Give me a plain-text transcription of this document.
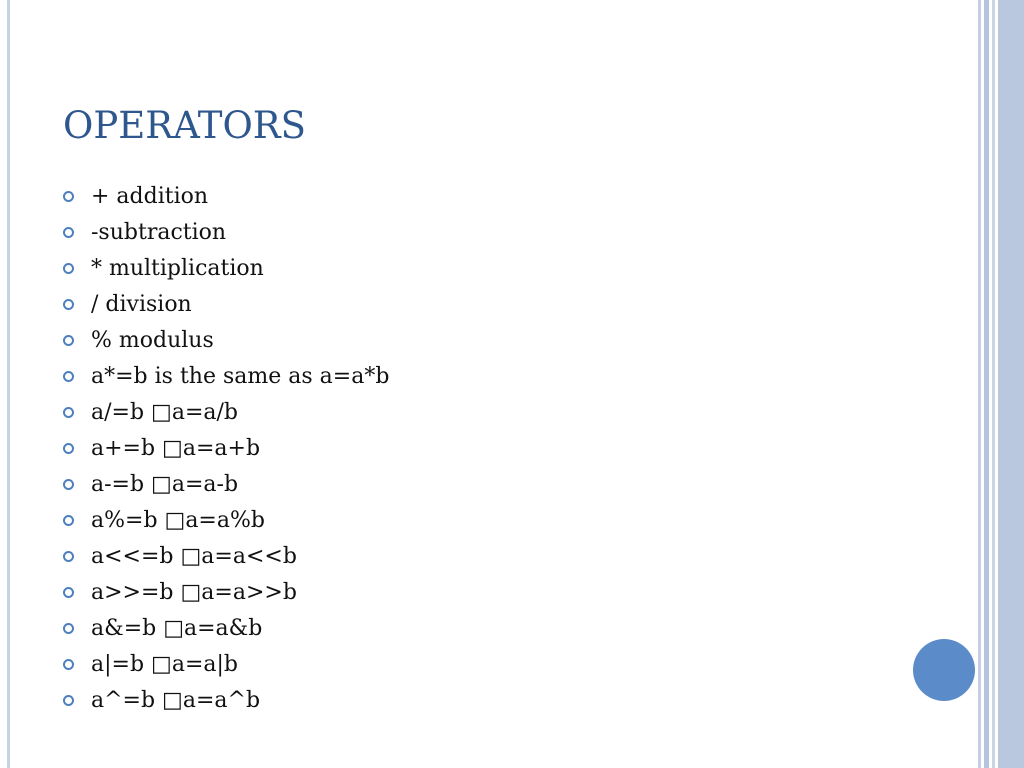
OPERATORS
+ addition
-subtraction
* multiplication
/ division
% modulus
a*=b is the same as a=a*b
a/=b □a=a/b
a+=b □a=a+b
a-=b □a=a-b
a%=b □a=a%b
a<<=b □a=a<<b
a>>=b □a=a>>b
a&=b □a=a&b
a|=b □a=a|b
a^=b □a=a^b
